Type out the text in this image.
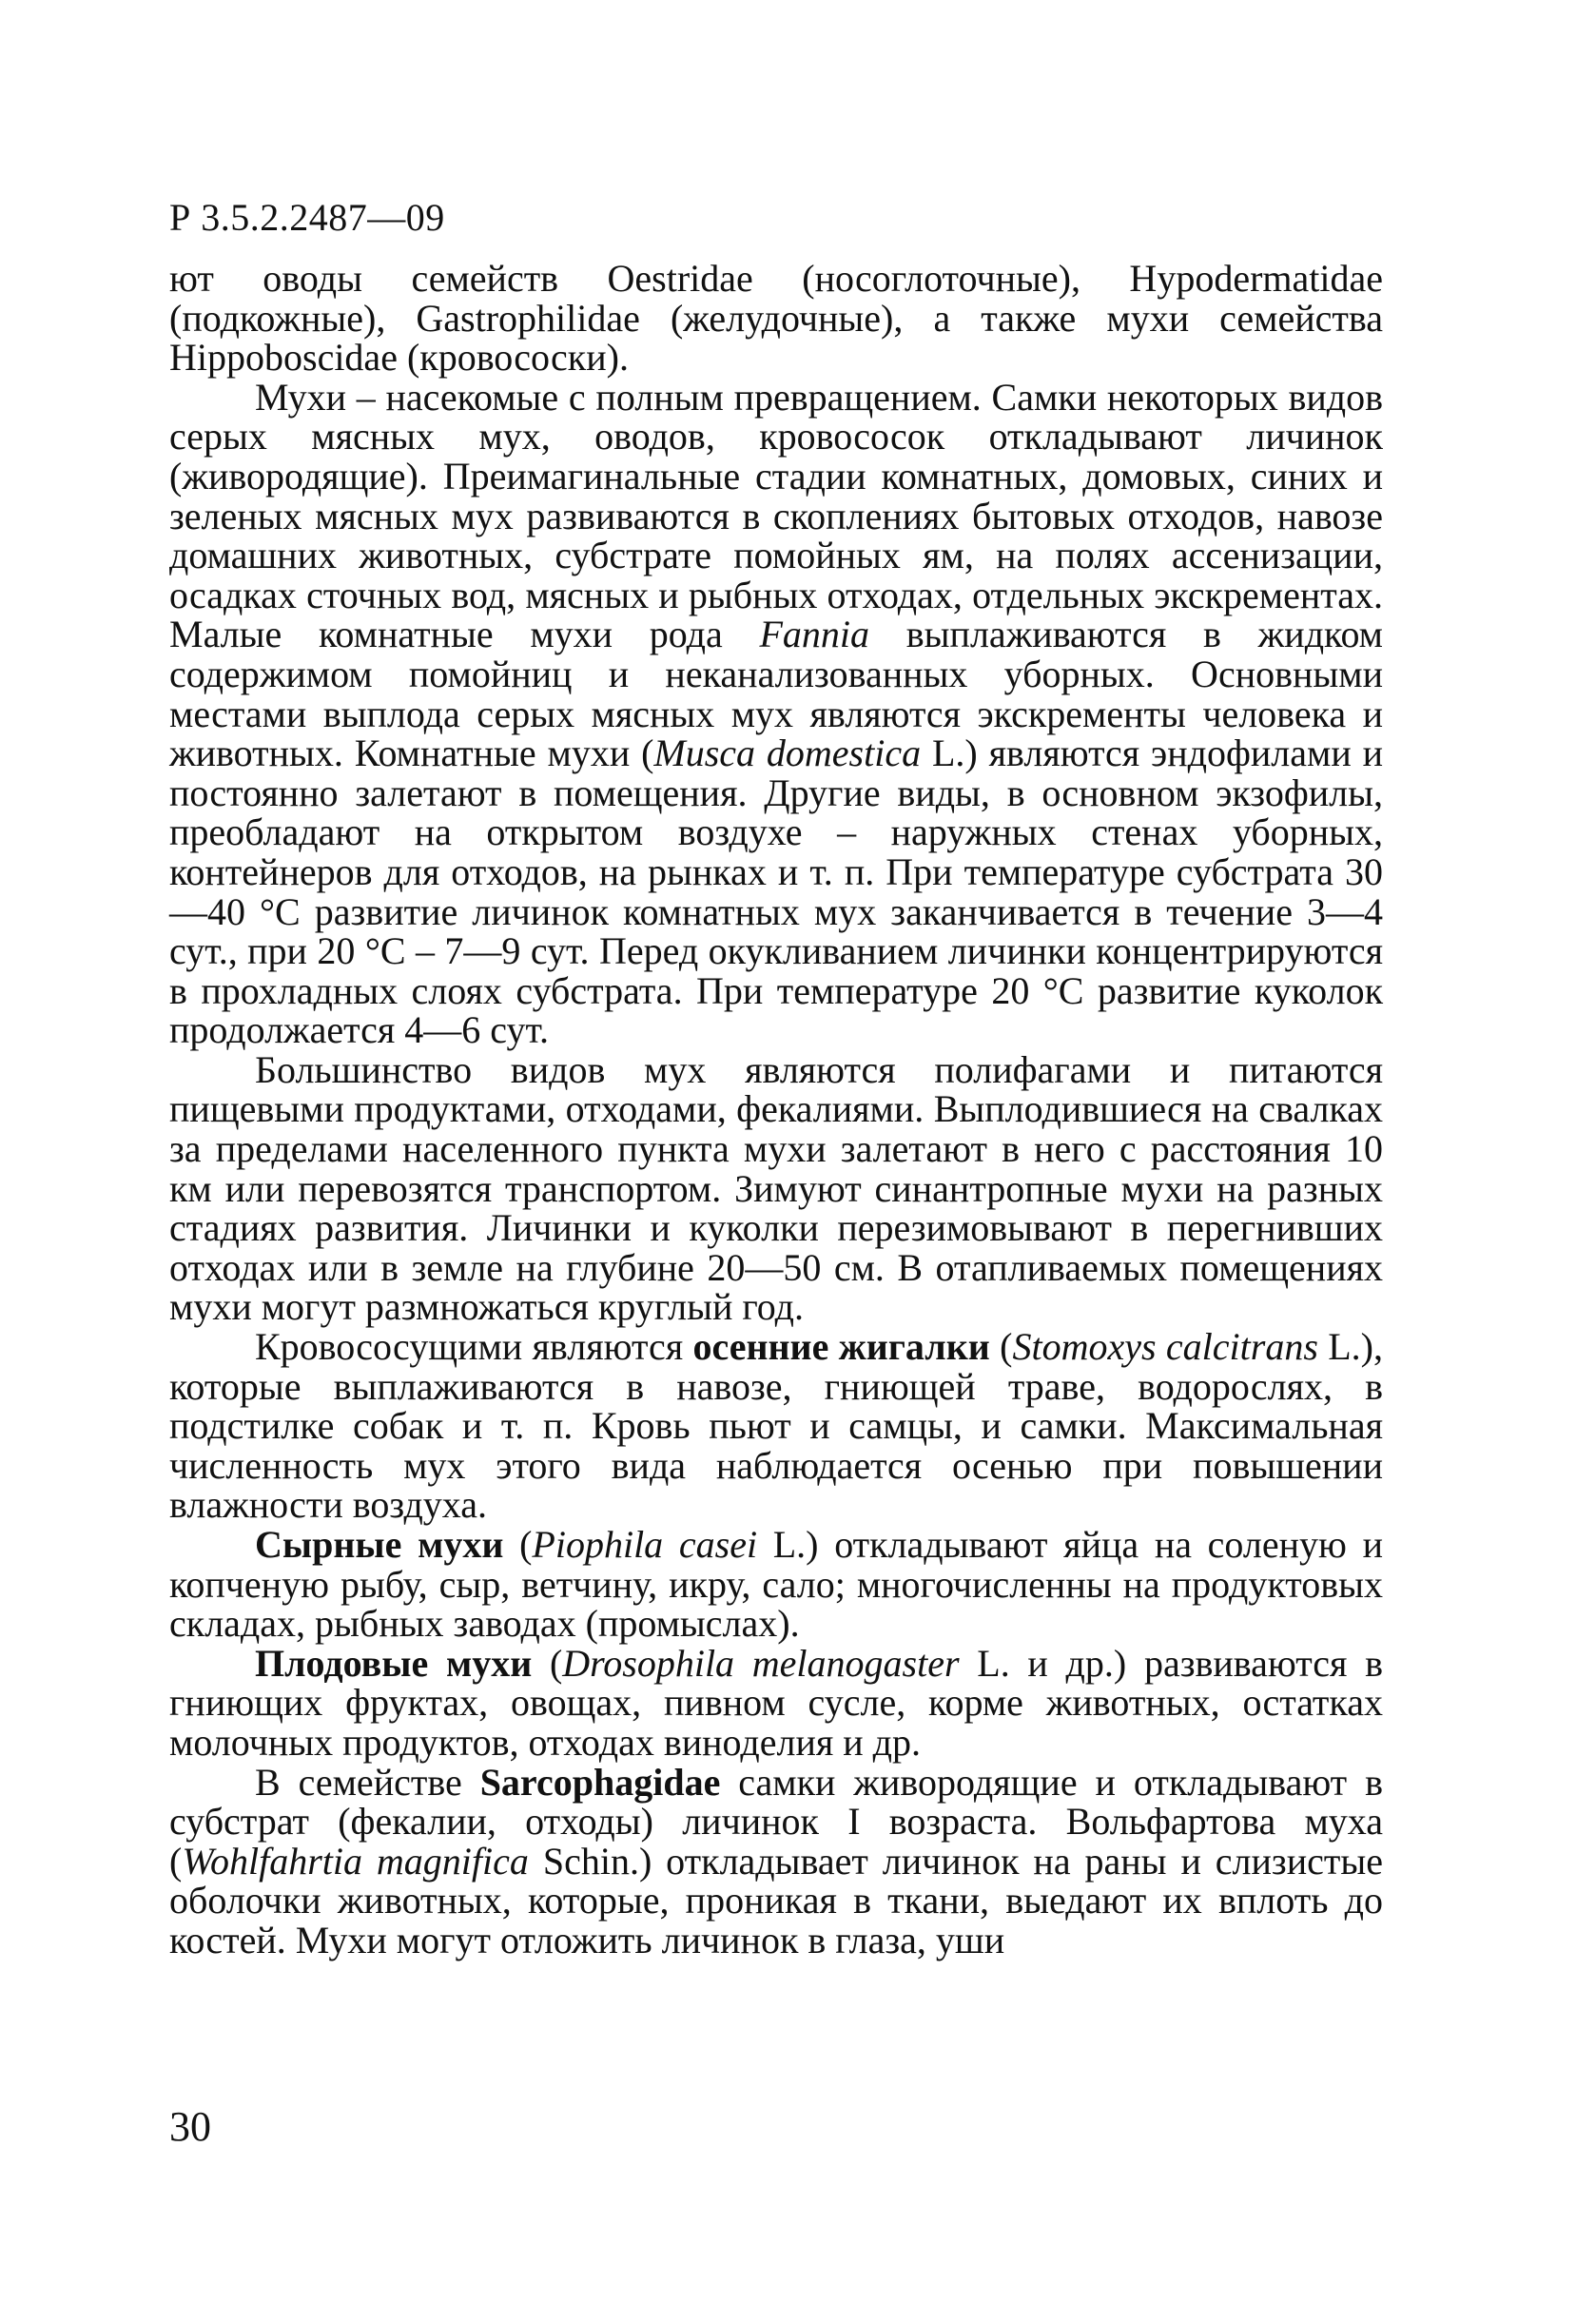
Р 3.5.2.2487—09

ют оводы семейств Oestridae (носоглоточные), Hypodermatidae (подкожные), Gastrophilidae (желудочные), а также мухи семейства Hippoboscidae (кровососки).

Мухи – насекомые с полным превращением. Самки некоторых видов серых мясных мух, оводов, кровососок откладывают личинок (живородящие). Преимагинальные стадии комнатных, домовых, синих и зеленых мясных мух развиваются в скоплениях бытовых отходов, навозе домашних животных, субстрате помойных ям, на полях ассенизации, осадках сточных вод, мясных и рыбных отходах, отдельных экскрементах. Малые комнатные мухи рода Fannia выплаживаются в жидком содержимом помойниц и неканализованных уборных. Основными местами выплода серых мясных мух являются экскременты человека и животных. Комнатные мухи (Musca domestica L.) являются эндофилами и постоянно залетают в помещения. Другие виды, в основном экзофилы, преобладают на открытом воздухе – наружных стенах уборных, контейнеров для отходов, на рынках и т. п. При температуре субстрата 30—40 °С развитие личинок комнатных мух заканчивается в течение 3—4 сут., при 20 °С – 7—9 сут. Перед окукливанием личинки концентрируются в прохладных слоях субстрата. При температуре 20 °С развитие куколок продолжается 4—6 сут.

Большинство видов мух являются полифагами и питаются пищевыми продуктами, отходами, фекалиями. Выплодившиеся на свалках за пределами населенного пункта мухи залетают в него с расстояния 10 км или перевозятся транспортом. Зимуют синантропные мухи на разных стадиях развития. Личинки и куколки перезимовывают в перегнивших отходах или в земле на глубине 20—50 см. В отапливаемых помещениях мухи могут размножаться круглый год.

Кровососущими являются осенние жигалки (Stomoxys calcitrans L.), которые выплаживаются в навозе, гниющей траве, водорослях, в подстилке собак и т. п. Кровь пьют и самцы, и самки. Максимальная численность мух этого вида наблюдается осенью при повышении влажности воздуха.

Сырные мухи (Piophila casei L.) откладывают яйца на соленую и копченую рыбу, сыр, ветчину, икру, сало; многочисленны на продуктовых складах, рыбных заводах (промыслах).

Плодовые мухи (Drosophila melanogaster L. и др.) развиваются в гниющих фруктах, овощах, пивном сусле, корме животных, остатках молочных продуктов, отходах виноделия и др.

В семействе Sarcophagidae самки живородящие и откладывают в субстрат (фекалии, отходы) личинок I возраста. Вольфартова муха (Wohlfahrtia magnifica Schin.) откладывает личинок на раны и слизистые оболочки животных, которые, проникая в ткани, выедают их вплоть до костей. Мухи могут отложить личинок в глаза, уши

30
